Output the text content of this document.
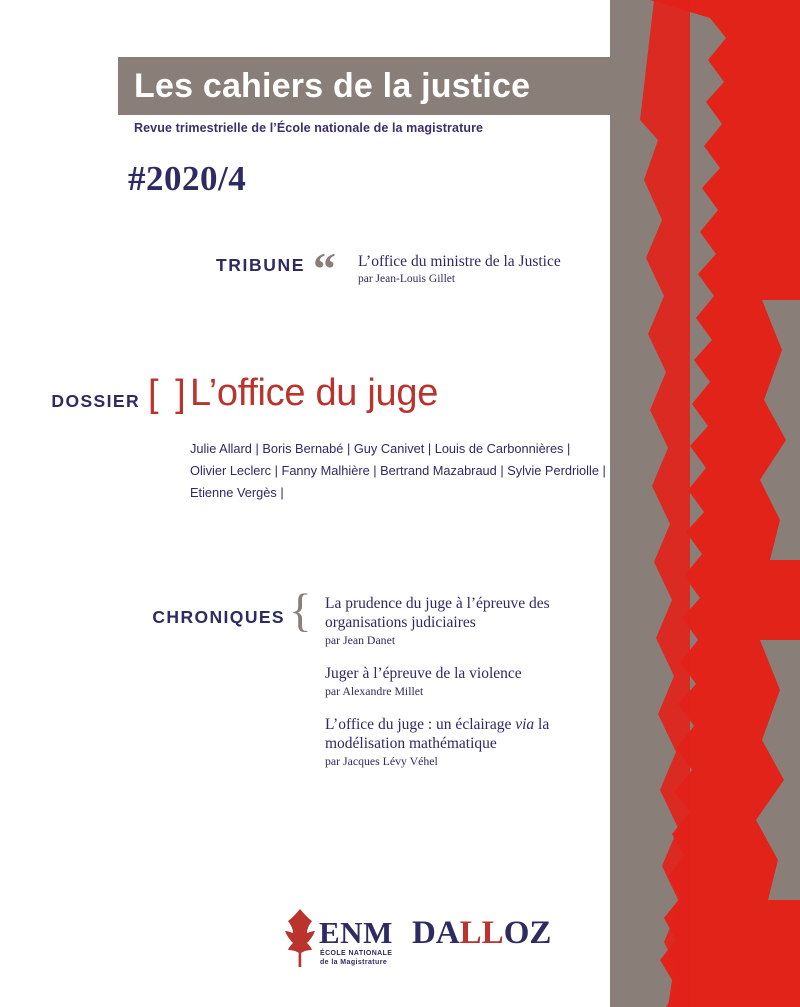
Les cahiers de la justice
Revue trimestrielle de l’École nationale de la magistrature
#2020/4
TRIBUNE “ L’office du ministre de la Justice
par Jean-Louis Gillet
DOSSIER [ ] L’office du juge
Julie Allard | Boris Bernabé | Guy Canivet | Louis de Carbonnières | Olivier Leclerc | Fanny Malhière | Bertrand Mazabraud | Sylvie Perdriolle | Etienne Vergès |
CHRONIQUES { La prudence du juge à l’épreuve des organisations judiciaires
par Jean Danet
Juger à l’épreuve de la violence
par Alexandre Millet
L’office du juge : un éclairage via la modélisation mathématique
par Jacques Lévy Véhel
ENM
ÉCOLE NATIONALE
de la Magistrature
DALLOZ
